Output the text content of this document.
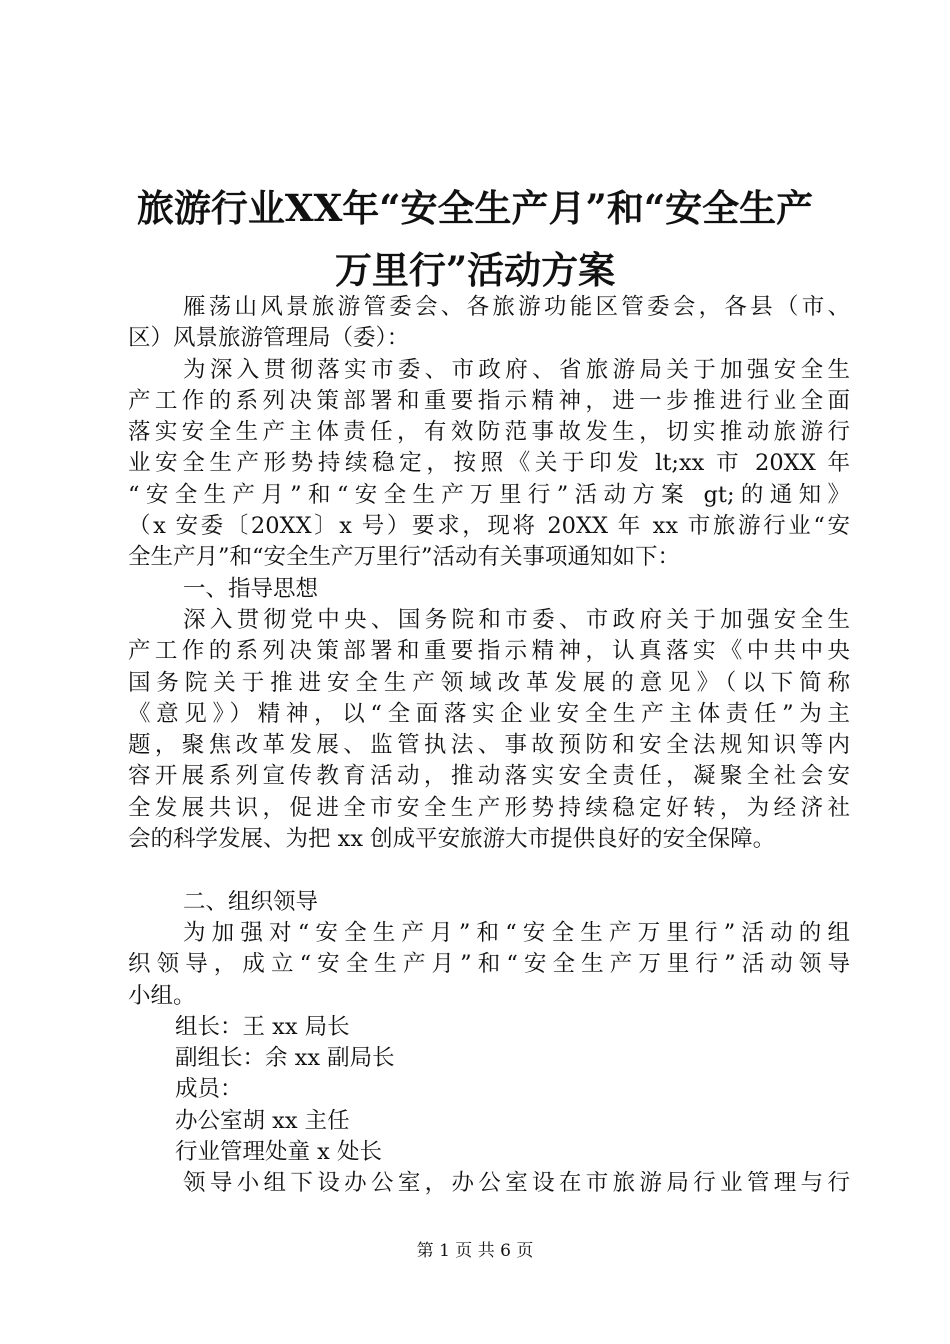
旅游行业XX年“安全生产月”和“安全生产
万里行”活动方案
雁荡山风景旅游管委会、各旅游功能区管委会，各县（市、
区）风景旅游管理局（委）：
为深入贯彻落实市委、市政府、省旅游局关于加强安全生
产工作的系列决策部署和重要指示精神，进一步推进行业全面
落实安全生产主体责任，有效防范事故发生，切实推动旅游行
业安全生产形势持续稳定，按照《关于印发 lt;xx 市 20XX 年
“安全生产月”和“安全生产万里行”活动方案 gt;的通知》
（x 安委〔20XX〕x 号）要求，现将 20XX 年 xx 市旅游行业“安
全生产月”和“安全生产万里行”活动有关事项通知如下：
一、指导思想
深入贯彻党中央、国务院和市委、市政府关于加强安全生
产工作的系列决策部署和重要指示精神，认真落实《中共中央
国务院关于推进安全生产领域改革发展的意见》（以下简称
《意见》）精神，以“全面落实企业安全生产主体责任”为主
题，聚焦改革发展、监管执法、事故预防和安全法规知识等内
容开展系列宣传教育活动，推动落实安全责任，凝聚全社会安
全发展共识，促进全市安全生产形势持续稳定好转，为经济社
会的科学发展、为把 xx 创成平安旅游大市提供良好的安全保障。
二、组织领导
为加强对“安全生产月”和“安全生产万里行”活动的组
织领导，成立“安全生产月”和“安全生产万里行”活动领导
小组。
组长：王 xx 局长
副组长：余 xx 副局长
成员：
办公室胡 xx 主任
行业管理处童 x 处长
领导小组下设办公室，办公室设在市旅游局行业管理与行
第 1 页 共 6 页
